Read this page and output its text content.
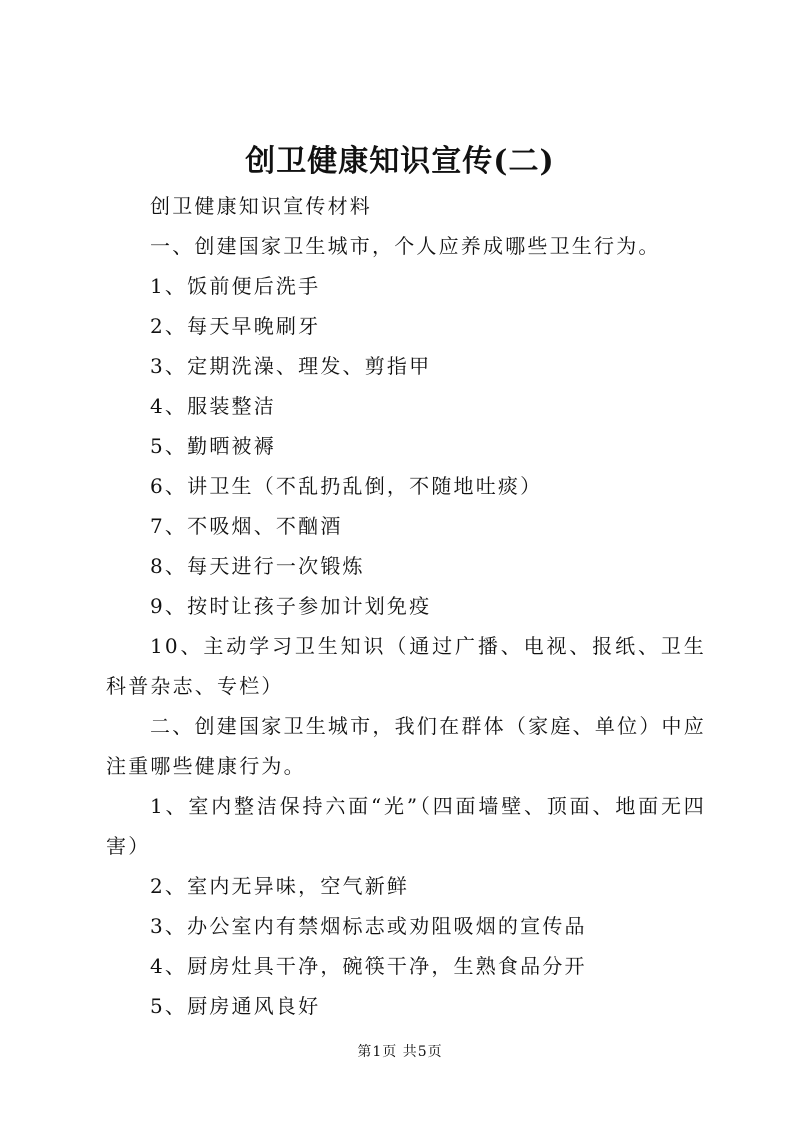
创卫健康知识宣传(二)

创卫健康知识宣传材料

一、创建国家卫生城市，个人应养成哪些卫生行为。

1、饭前便后洗手

2、每天早晚刷牙

3、定期洗澡、理发、剪指甲

4、服装整洁

5、勤晒被褥

6、讲卫生（不乱扔乱倒，不随地吐痰）

7、不吸烟、不酗酒

8、每天进行一次锻炼

9、按时让孩子参加计划免疫

10、主动学习卫生知识（通过广播、电视、报纸、卫生科普杂志、专栏）

二、创建国家卫生城市，我们在群体（家庭、单位）中应注重哪些健康行为。

1、室内整洁保持六面“光”（四面墙壁、顶面、地面无四害）

2、室内无异味，空气新鲜

3、办公室内有禁烟标志或劝阻吸烟的宣传品

4、厨房灶具干净，碗筷干净，生熟食品分开

5、厨房通风良好

第1页 共5页
